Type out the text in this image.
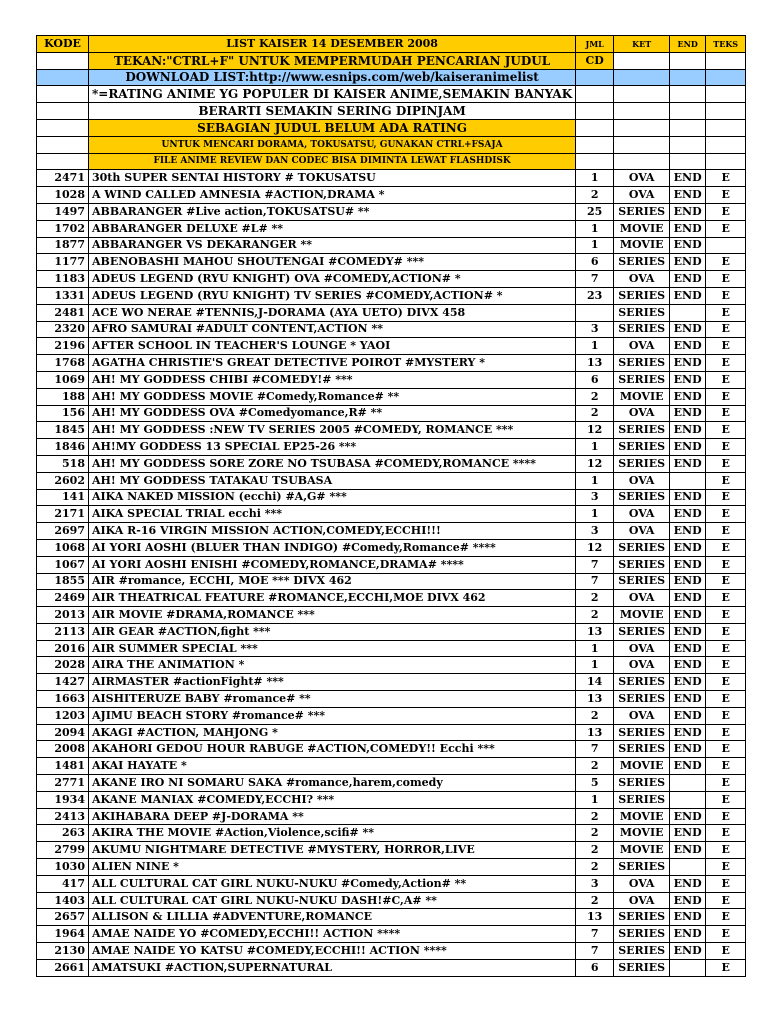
KODE	LIST KAISER 14 DESEMBER 2008	JML	KET	END	TEKS
	TEKAN:"CTRL+F" UNTUK MEMPERMUDAH PENCARIAN JUDUL	CD			
	DOWNLOAD LIST:http://www.esnips.com/web/kaiseranimelist				
	*=RATING ANIME YG POPULER DI KAISER ANIME,SEMAKIN BANYAK				
	BERARTI SEMAKIN SERING DIPINJAM				
	SEBAGIAN JUDUL BELUM ADA RATING				
	UNTUK MENCARI DORAMA, TOKUSATSU, GUNAKAN CTRL+FSAJA				
	FILE ANIME REVIEW DAN CODEC BISA DIMINTA LEWAT FLASHDISK				
2471	30th SUPER SENTAI HISTORY # TOKUSATSU	1	OVA	END	E
1028	A WIND CALLED AMNESIA #ACTION,DRAMA *	2	OVA	END	E
1497	ABBARANGER #Live action,TOKUSATSU# **	25	SERIES	END	E
1702	ABBARANGER DELUXE #L# **	1	MOVIE	END	E
1877	ABBARANGER VS DEKARANGER **	1	MOVIE	END	
1177	ABENOBASHI MAHOU SHOUTENGAI #COMEDY# ***	6	SERIES	END	E
1183	ADEUS LEGEND (RYU KNIGHT) OVA #COMEDY,ACTION# *	7	OVA	END	E
1331	ADEUS LEGEND (RYU KNIGHT) TV SERIES #COMEDY,ACTION# *	23	SERIES	END	E
2481	ACE WO NERAE #TENNIS,J-DORAMA (AYA UETO) DIVX 458		SERIES		E
2320	AFRO SAMURAI #ADULT CONTENT,ACTION **	3	SERIES	END	E
2196	AFTER SCHOOL IN TEACHER'S LOUNGE * YAOI	1	OVA	END	E
1768	AGATHA CHRISTIE'S GREAT DETECTIVE POIROT #MYSTERY *	13	SERIES	END	E
1069	AH! MY GODDESS CHIBI #COMEDY!# ***	6	SERIES	END	E
188	AH! MY GODDESS MOVIE #Comedy,Romance# **	2	MOVIE	END	E
156	AH! MY GODDESS OVA #Comedyomance,R# **	2	OVA	END	E
1845	AH! MY GODDESS :NEW TV SERIES 2005 #COMEDY, ROMANCE ***	12	SERIES	END	E
1846	AH!MY GODDESS 13 SPECIAL EP25-26 ***	1	SERIES	END	E
518	AH! MY GODDESS SORE ZORE NO TSUBASA #COMEDY,ROMANCE ****	12	SERIES	END	E
2602	AH! MY GODDESS TATAKAU TSUBASA	1	OVA		E
141	AIKA NAKED MISSION (ecchi) #A,G# ***	3	SERIES	END	E
2171	AIKA SPECIAL TRIAL ecchi ***	1	OVA	END	E
2697	AIKA R-16 VIRGIN MISSION ACTION,COMEDY,ECCHI!!!	3	OVA	END	E
1068	AI YORI AOSHI (BLUER THAN INDIGO) #Comedy,Romance# ****	12	SERIES	END	E
1067	AI YORI AOSHI ENISHI #COMEDY,ROMANCE,DRAMA# ****	7	SERIES	END	E
1855	AIR #romance, ECCHI, MOE *** DIVX 462	7	SERIES	END	E
2469	AIR THEATRICAL FEATURE #ROMANCE,ECCHI,MOE DIVX 462	2	OVA	END	E
2013	AIR MOVIE #DRAMA,ROMANCE ***	2	MOVIE	END	E
2113	AIR GEAR #ACTION,fight ***	13	SERIES	END	E
2016	AIR SUMMER SPECIAL ***	1	OVA	END	E
2028	AIRA THE ANIMATION *	1	OVA	END	E
1427	AIRMASTER #actionFight# ***	14	SERIES	END	E
1663	AISHITERUZE BABY #romance# **	13	SERIES	END	E
1203	AJIMU BEACH STORY #romance# ***	2	OVA	END	E
2094	AKAGI #ACTION, MAHJONG *	13	SERIES	END	E
2008	AKAHORI GEDOU HOUR RABUGE #ACTION,COMEDY!! Ecchi ***	7	SERIES	END	E
1481	AKAI HAYATE *	2	MOVIE	END	E
2771	AKANE IRO NI SOMARU SAKA #romance,harem,comedy	5	SERIES		E
1934	AKANE MANIAX #COMEDY,ECCHI? ***	1	SERIES		E
2413	AKIHABARA DEEP #J-DORAMA **	2	MOVIE	END	E
263	AKIRA THE MOVIE #Action,Violence,scifi# **	2	MOVIE	END	E
2799	AKUMU NIGHTMARE DETECTIVE #MYSTERY, HORROR,LIVE	2	MOVIE	END	E
1030	ALIEN NINE *	2	SERIES		E
417	ALL CULTURAL CAT GIRL NUKU-NUKU #Comedy,Action# **	3	OVA	END	E
1403	ALL CULTURAL CAT GIRL NUKU-NUKU DASH!#C,A# **	2	OVA	END	E
2657	ALLISON & LILLIA #ADVENTURE,ROMANCE	13	SERIES	END	E
1964	AMAE NAIDE YO #COMEDY,ECCHI!! ACTION ****	7	SERIES	END	E
2130	AMAE NAIDE YO KATSU #COMEDY,ECCHI!! ACTION ****	7	SERIES	END	E
2661	AMATSUKI #ACTION,SUPERNATURAL	6	SERIES		E
